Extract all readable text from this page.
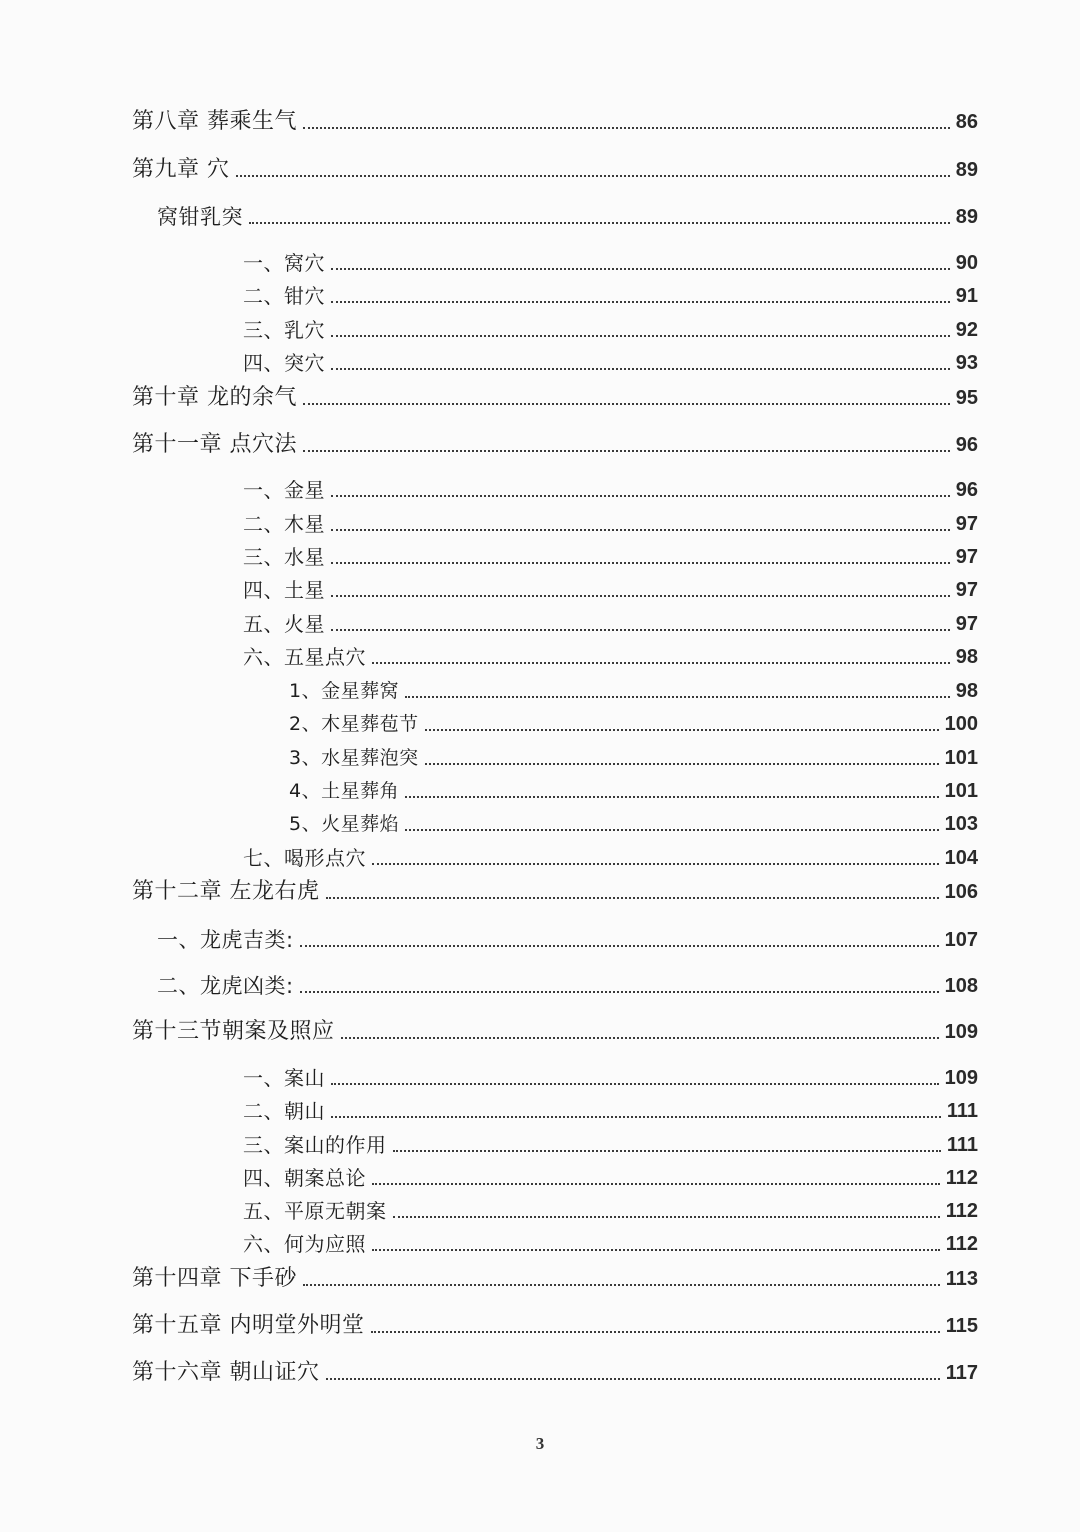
第八章 葬乘生气	86
第九章 穴	89
窝钳乳突	89
一、窝穴	90
二、钳穴	91
三、乳穴	92
四、突穴	93
第十章 龙的余气	95
第十一章 点穴法	96
一、金星	96
二、木星	97
三、水星	97
四、土星	97
五、火星	97
六、五星点穴	98
1、金星葬窝	98
2、木星葬苞节	100
3、水星葬泡突	101
4、土星葬角	101
5、火星葬焰	103
七、喝形点穴	104
第十二章 左龙右虎	106
一、龙虎吉类:	107
二、龙虎凶类:	108
第十三节朝案及照应	109
一、案山	109
二、朝山	111
三、案山的作用	111
四、朝案总论	112
五、平原无朝案	112
六、何为应照	112
第十四章 下手砂	113
第十五章 内明堂外明堂	115
第十六章 朝山证穴	117
3
